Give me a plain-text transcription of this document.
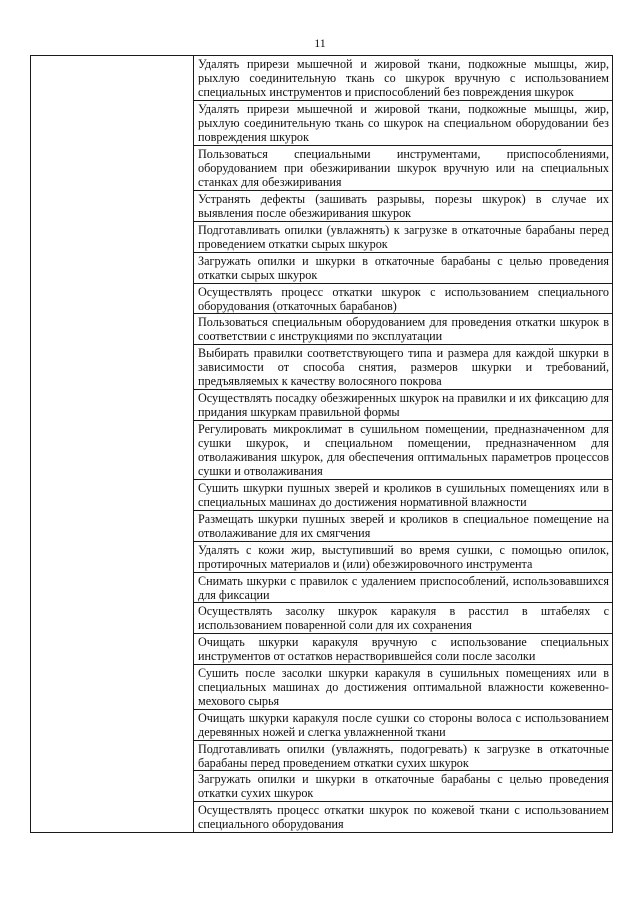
11
	Удалять прирези мышечной и жировой ткани, подкожные мышцы, жир, рыхлую соединительную ткань со шкурок вручную с использованием специальных инструментов и приспособлений без повреждения шкурок
Удалять прирези мышечной и жировой ткани, подкожные мышцы, жир, рыхлую соединительную ткань со шкурок на специальном оборудовании без повреждения шкурок
Пользоваться специальными инструментами, приспособлениями, оборудованием при обезжиривании шкурок вручную или на специальных станках для обезжиривания
Устранять дефекты (зашивать разрывы, порезы шкурок) в случае их выявления после обезжиривания шкурок
Подготавливать опилки (увлажнять) к загрузке в откаточные барабаны перед проведением откатки сырых шкурок
Загружать опилки и шкурки в откаточные барабаны с целью проведения откатки сырых шкурок
Осуществлять процесс откатки шкурок с использованием специального оборудования (откаточных барабанов)
Пользоваться специальным оборудованием для проведения откатки шкурок в соответствии с инструкциями по эксплуатации
Выбирать правилки соответствующего типа и размера для каждой шкурки в зависимости от способа снятия, размеров шкурки и требований, предъявляемых к качеству волосяного покрова
Осуществлять посадку обезжиренных шкурок на правилки и их фиксацию для придания шкуркам правильной формы
Регулировать микроклимат в сушильном помещении, предназначенном для сушки шкурок, и специальном помещении, предназначенном для отволаживания шкурок, для обеспечения оптимальных параметров процессов сушки и отволаживания
Сушить шкурки пушных зверей и кроликов в сушильных помещениях или в специальных машинах до достижения нормативной влажности
Размещать шкурки пушных зверей и кроликов в специальное помещение на отволаживание для их смягчения
Удалять с кожи жир, выступивший во время сушки, с помощью опилок, протирочных материалов и (или) обезжировочного инструмента
Снимать шкурки с правилок с удалением приспособлений, использовавшихся для фиксации
Осуществлять засолку шкурок каракуля в расстил в штабелях с использованием поваренной соли для их сохранения
Очищать шкурки каракуля вручную с использование специальных инструментов от остатков нерастворившейся соли после засолки
Сушить после засолки шкурки каракуля в сушильных помещениях или в специальных машинах до достижения оптимальной влажности кожевенно-мехового сырья
Очищать шкурки каракуля после сушки со стороны волоса с использованием деревянных ножей и слегка увлажненной ткани
Подготавливать опилки (увлажнять, подогревать) к загрузке в откаточные барабаны перед проведением откатки сухих шкурок
Загружать опилки и шкурки в откаточные барабаны с целью проведения откатки сухих шкурок
Осуществлять процесс откатки шкурок по кожевой ткани с использованием специального оборудования
